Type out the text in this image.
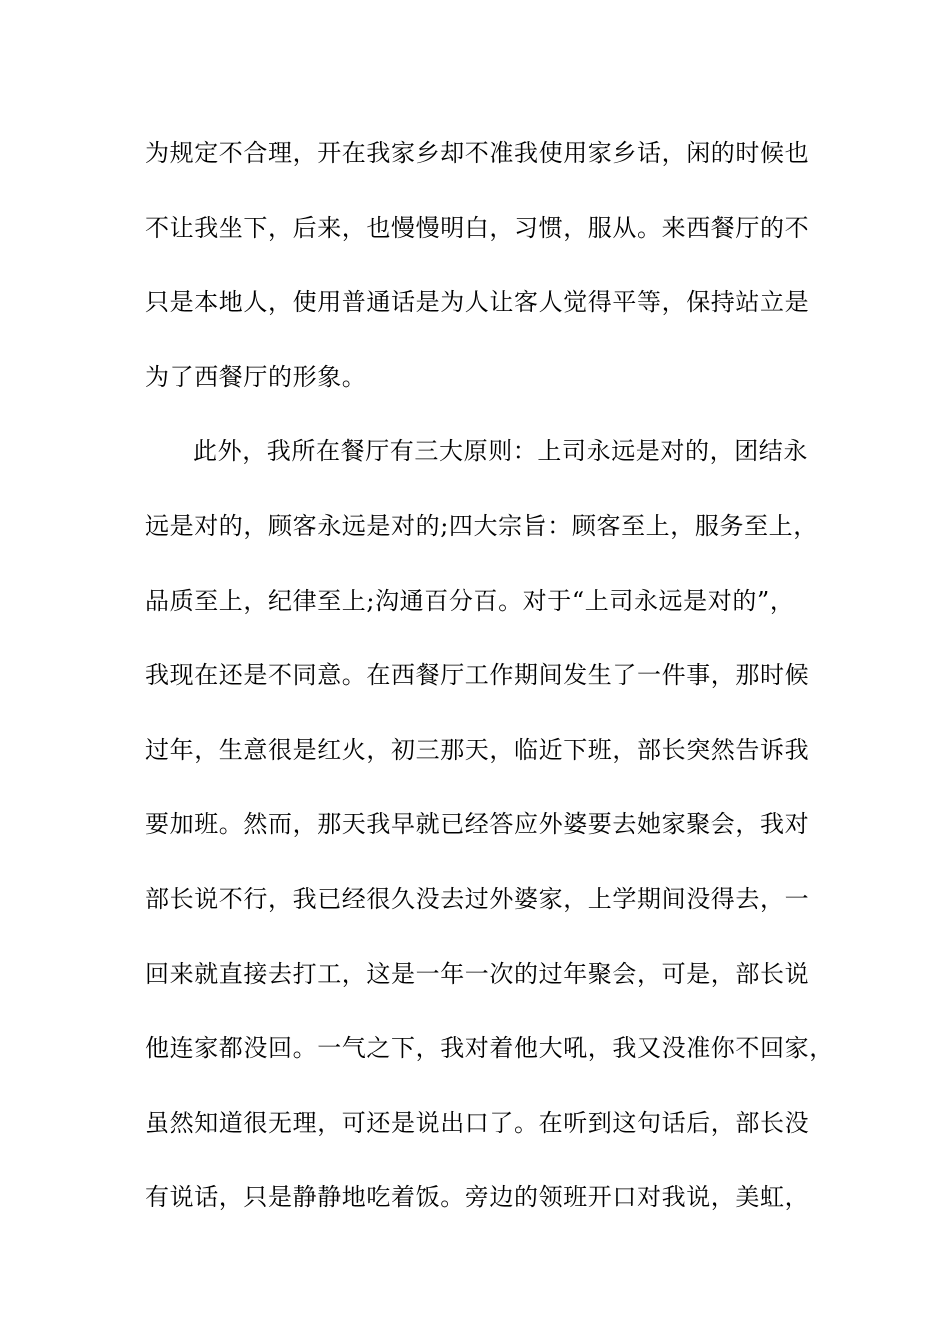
为规定不合理，开在我家乡却不准我使用家乡话，闲的时候也
不让我坐下，后来，也慢慢明白，习惯，服从。来西餐厅的不
只是本地人，使用普通话是为人让客人觉得平等，保持站立是
为了西餐厅的形象。
此外，我所在餐厅有三大原则：上司永远是对的，团结永
远是对的，顾客永远是对的;四大宗旨：顾客至上，服务至上，
品质至上，纪律至上;沟通百分百。对于“上司永远是对的”，
我现在还是不同意。在西餐厅工作期间发生了一件事，那时候
过年，生意很是红火，初三那天，临近下班，部长突然告诉我
要加班。然而，那天我早就已经答应外婆要去她家聚会，我对
部长说不行，我已经很久没去过外婆家，上学期间没得去，一
回来就直接去打工，这是一年一次的过年聚会，可是，部长说
他连家都没回。一气之下，我对着他大吼，我又没准你不回家，
虽然知道很无理，可还是说出口了。在听到这句话后，部长没
有说话，只是静静地吃着饭。旁边的领班开口对我说，美虹，
